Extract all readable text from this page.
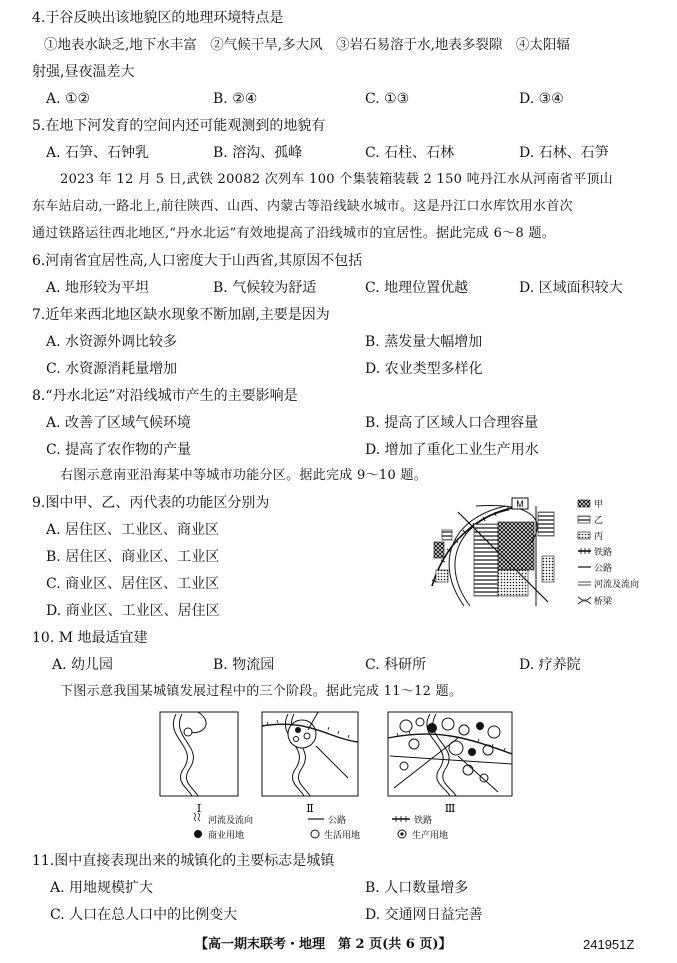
4.于谷反映出该地貌区的地理环境特点是
①地表水缺乏,地下水丰富　②气候干旱,多大风　③岩石易溶于水,地表多裂隙　④太阳辐
射强,昼夜温差大
A. ①②	B. ②④	C. ①③	D. ③④
5.在地下河发育的空间内还可能观测到的地貌有
A. 石笋、石钟乳	B. 溶沟、孤峰	C. 石柱、石林	D. 石林、石笋
2023 年 12 月 5 日,武铁 20082 次列车 100 个集装箱装载 2 150 吨丹江水从河南省平顶山
东车站启动,一路北上,前往陕西、山西、内蒙古等沿线缺水城市。这是丹江口水库饮用水首次
通过铁路运往西北地区,“丹水北运”有效地提高了沿线城市的宜居性。据此完成 6～8 题。
6.河南省宜居性高,人口密度大于山西省,其原因不包括
A. 地形较为平坦	B. 气候较为舒适	C. 地理位置优越	D. 区域面积较大
7.近年来西北地区缺水现象不断加剧,主要是因为
A. 水资源外调比较多	B. 蒸发量大幅增加
C. 水资源消耗量增加	D. 农业类型多样化
8.“丹水北运”对沿线城市产生的主要影响是
A. 改善了区域气候环境	B. 提高了区域人口合理容量
C. 提高了农作物的产量	D. 增加了重化工业生产用水
右图示意南亚沿海某中等城市功能分区。据此完成 9～10 题。
9.图中甲、乙、丙代表的功能区分别为
A. 居住区、工业区、商业区
B. 居住区、商业区、工业区
C. 商业区、居住区、工业区
D. 商业区、工业区、居住区
M	甲
乙
丙
铁路
公路
河流及流向
桥梁
10. M 地最适宜建
A. 幼儿园	B. 物流园	C. 科研所	D. 疗养院
下图示意我国某城镇发展过程中的三个阶段。据此完成 11～12 题。
Ⅰ	Ⅱ	Ⅲ
河流及流向	公路	铁路
商业用地	生活用地	生产用地
11.图中直接表现出来的城镇化的主要标志是城镇
A. 用地规模扩大	B. 人口数量增多
C. 人口在总人口中的比例变大	D. 交通网日益完善
【高一期末联考・地理　第 2 页(共 6 页)】	241951Z
